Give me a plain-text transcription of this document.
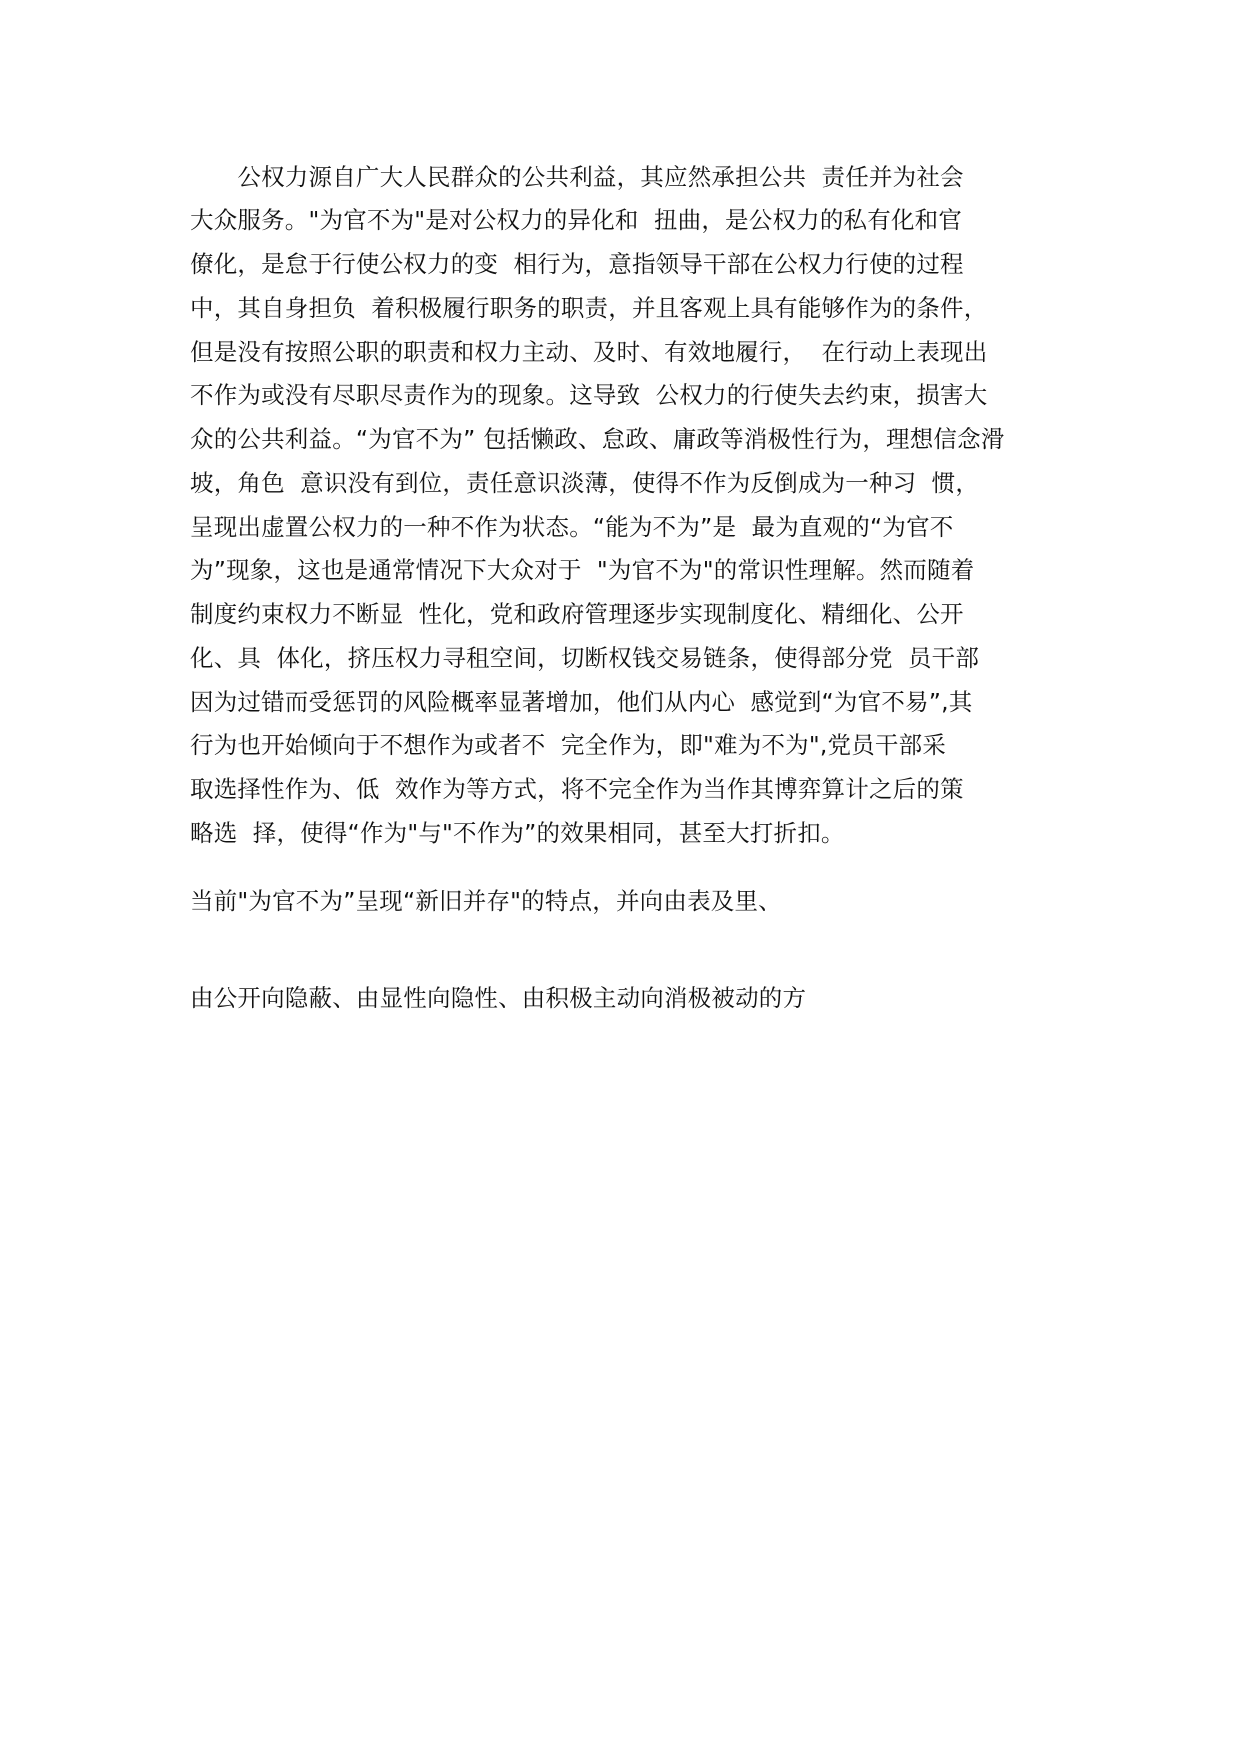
　　公权力源自广大人民群众的公共利益，其应然承担公共  责任并为社会
大众服务。"为官不为"是对公权力的异化和  扭曲，是公权力的私有化和官
僚化，是怠于行使公权力的变  相行为，意指领导干部在公权力行使的过程
中，其自身担负  着积极履行职务的职责，并且客观上具有能够作为的条件，
但是没有按照公职的职责和权力主动、及时、有效地履行，  在行动上表现出
不作为或没有尽职尽责作为的现象。这导致  公权力的行使失去约束，损害大
众的公共利益。“为官不为” 包括懒政、怠政、庸政等消极性行为，理想信念滑
坡，角色  意识没有到位，责任意识淡薄，使得不作为反倒成为一种习  惯，
呈现出虚置公权力的一种不作为状态。“能为不为”是  最为直观的“为官不
为”现象，这也是通常情况下大众对于  "为官不为"的常识性理解。然而随着
制度约束权力不断显  性化，党和政府管理逐步实现制度化、精细化、公开
化、具  体化，挤压权力寻租空间，切断权钱交易链条，使得部分党  员干部
因为过错而受惩罚的风险概率显著增加，他们从内心  感觉到“为官不易”,其
行为也开始倾向于不想作为或者不  完全作为，即"难为不为",党员干部采
取选择性作为、低  效作为等方式，将不完全作为当作其博弈算计之后的策
略选  择，使得“作为"与"不作为”的效果相同，甚至大打折扣。
当前"为官不为”呈现“新旧并存"的特点，并向由表及里、
由公开向隐蔽、由显性向隐性、由积极主动向消极被动的方
